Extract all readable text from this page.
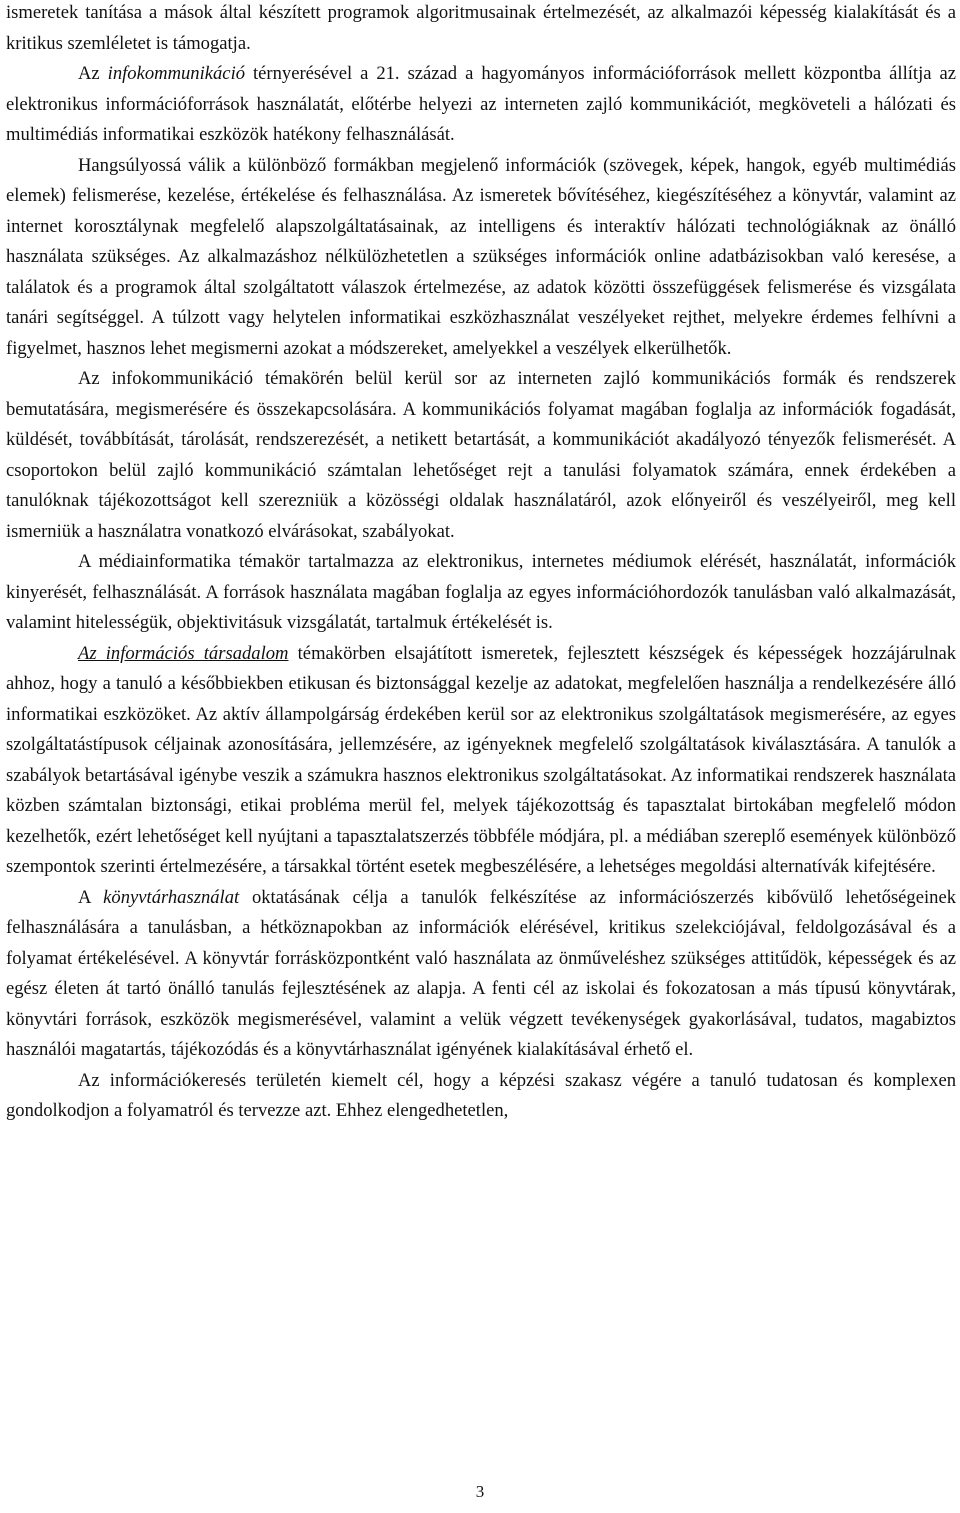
ismeretek tanítása a mások által készített programok algoritmusainak értelmezését, az alkalmazói képesség kialakítását és a kritikus szemléletet is támogatja.

Az infokommunikáció térnyerésével a 21. század a hagyományos információforrások mellett központba állítja az elektronikus információforrások használatát, előtérbe helyezi az interneten zajló kommunikációt, megköveteli a hálózati és multimédiás informatikai eszközök hatékony felhasználását.

Hangsúlyossá válik a különböző formákban megjelenő információk (szövegek, képek, hangok, egyéb multimédiás elemek) felismerése, kezelése, értékelése és felhasználása. Az ismeretek bővítéséhez, kiegészítéséhez a könyvtár, valamint az internet korosztálynak megfelelő alapszolgáltatásainak, az intelligens és interaktív hálózati technológiáknak az önálló használata szükséges. Az alkalmazáshoz nélkülözhetetlen a szükséges információk online adatbázisokban való keresése, a találatok és a programok által szolgáltatott válaszok értelmezése, az adatok közötti összefüggések felismerése és vizsgálata tanári segítséggel. A túlzott vagy helytelen informatikai eszközhasználat veszélyeket rejthet, melyekre érdemes felhívni a figyelmet, hasznos lehet megismerni azokat a módszereket, amelyekkel a veszélyek elkerülhetők.

Az infokommunikáció témakörén belül kerül sor az interneten zajló kommunikációs formák és rendszerek bemutatására, megismerésére és összekapcsolására. A kommunikációs folyamat magában foglalja az információk fogadását, küldését, továbbítását, tárolását, rendszerezését, a netikett betartását, a kommunikációt akadályozó tényezők felismerését. A csoportokon belül zajló kommunikáció számtalan lehetőséget rejt a tanulási folyamatok számára, ennek érdekében a tanulóknak tájékozottságot kell szerezniük a közösségi oldalak használatáról, azok előnyeiről és veszélyeiről, meg kell ismerniük a használatra vonatkozó elvárásokat, szabályokat.

A médiainformatika témakör tartalmazza az elektronikus, internetes médiumok elérését, használatát, információk kinyerését, felhasználását. A források használata magában foglalja az egyes információhordozók tanulásban való alkalmazását, valamint hitelességük, objektivitásuk vizsgálatát, tartalmuk értékelését is.

Az információs társadalom témakörben elsajátított ismeretek, fejlesztett készségek és képességek hozzájárulnak ahhoz, hogy a tanuló a későbbiekben etikusan és biztonsággal kezelje az adatokat, megfelelően használja a rendelkezésére álló informatikai eszközöket. Az aktív állampolgárság érdekében kerül sor az elektronikus szolgáltatások megismerésére, az egyes szolgáltatástípusok céljainak azonosítására, jellemzésére, az igényeknek megfelelő szolgáltatások kiválasztására. A tanulók a szabályok betartásával igénybe veszik a számukra hasznos elektronikus szolgáltatásokat. Az informatikai rendszerek használata közben számtalan biztonsági, etikai probléma merül fel, melyek tájékozottság és tapasztalat birtokában megfelelő módon kezelhetők, ezért lehetőséget kell nyújtani a tapasztalatszerzés többféle módjára, pl. a médiában szereplő események különböző szempontok szerinti értelmezésére, a társakkal történt esetek megbeszélésére, a lehetséges megoldási alternatívák kifejtésére.

A könyvtárhasználat oktatásának célja a tanulók felkészítése az információszerzés kibővülő lehetőségeinek felhasználására a tanulásban, a hétköznapokban az információk elérésével, kritikus szelekciójával, feldolgozásával és a folyamat értékelésével. A könyvtár forrásközpontként való használata az önműveléshez szükséges attitűdök, képességek és az egész életen át tartó önálló tanulás fejlesztésének az alapja. A fenti cél az iskolai és fokozatosan a más típusú könyvtárak, könyvtári források, eszközök megismerésével, valamint a velük végzett tevékenységek gyakorlásával, tudatos, magabiztos használói magatartás, tájékozódás és a könyvtárhasználat igényének kialakításával érhető el.

Az információkeresés területén kiemelt cél, hogy a képzési szakasz végére a tanuló tudatosan és komplexen gondolkodjon a folyamatról és tervezze azt. Ehhez elengedhetetlen,

3
